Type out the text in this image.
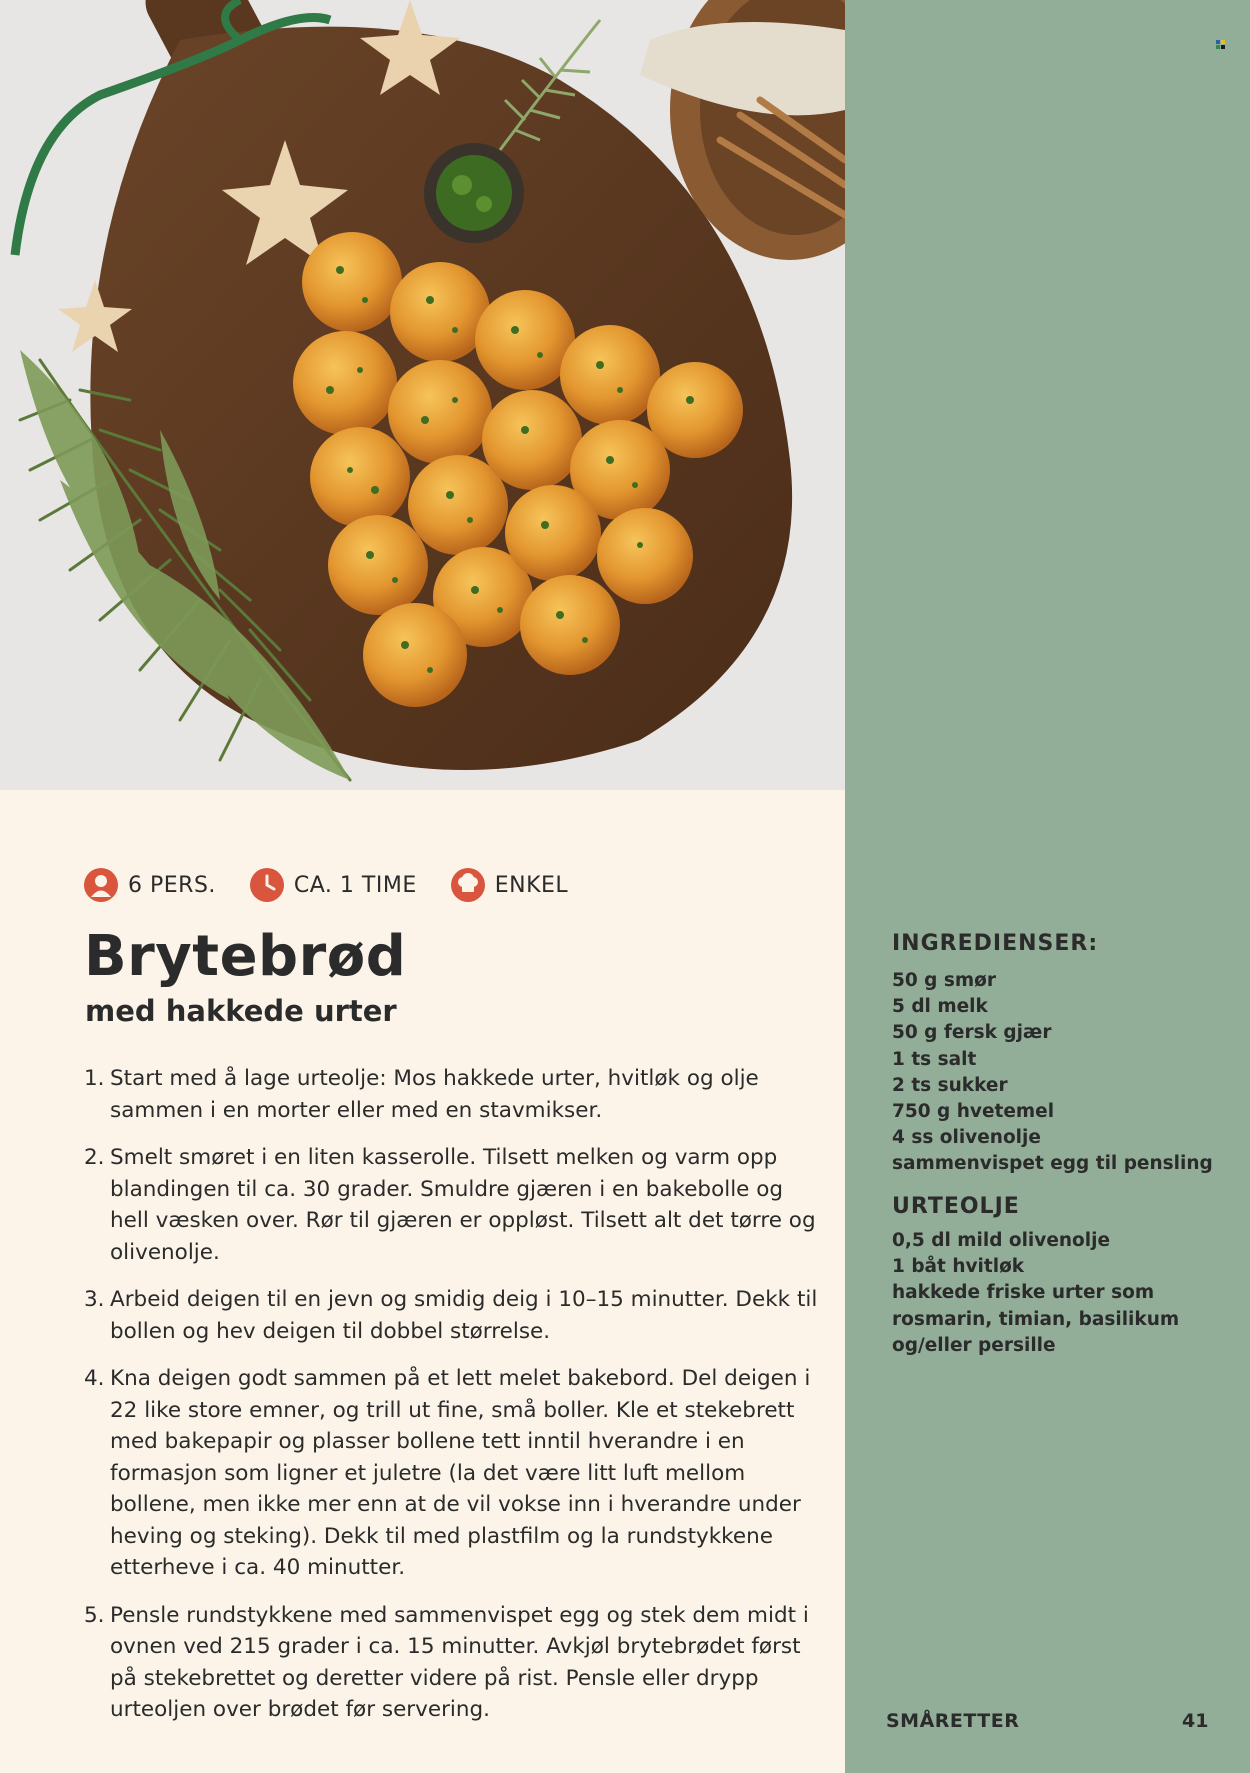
6 PERS.	CA. 1 TIME	ENKEL
Brytebrød
med hakkede urter
1. Start med å lage urteolje: Mos hakkede urter, hvitløk og olje sammen i en morter eller med en stavmikser.
2. Smelt smøret i en liten kasserolle. Tilsett melken og varm opp blandingen til ca. 30 grader. Smuldre gjæren i en bakebolle og hell væsken over. Rør til gjæren er oppløst. Tilsett alt det tørre og olivenolje.
3. Arbeid deigen til en jevn og smidig deig i 10–15 minutter. Dekk til bollen og hev deigen til dobbel størrelse.
4. Kna deigen godt sammen på et lett melet bakebord. Del deigen i 22 like store emner, og trill ut fine, små boller. Kle et stekebrett med bakepapir og plasser bollene tett inntil hverandre i en formasjon som ligner et juletre (la det være litt luft mellom bollene, men ikke mer enn at de vil vokse inn i hverandre under heving og steking). Dekk til med plastfilm og la rundstykkene etterheve i ca. 40 minutter.
5. Pensle rundstykkene med sammenvispet egg og stek dem midt i ovnen ved 215 grader i ca. 15 minutter. Avkjøl brytebrødet først på stekebrettet og deretter videre på rist. Pensle eller drypp urteoljen over brødet før servering.
INGREDIENSER:
50 g smør
5 dl melk
50 g fersk gjær
1 ts salt
2 ts sukker
750 g hvetemel
4 ss olivenolje
sammenvispet egg til pensling
URTEOLJE
0,5 dl mild olivenolje
1 båt hvitløk
hakkede friske urter som
rosmarin, timian, basilikum
og/eller persille
SMÅRETTER	41
